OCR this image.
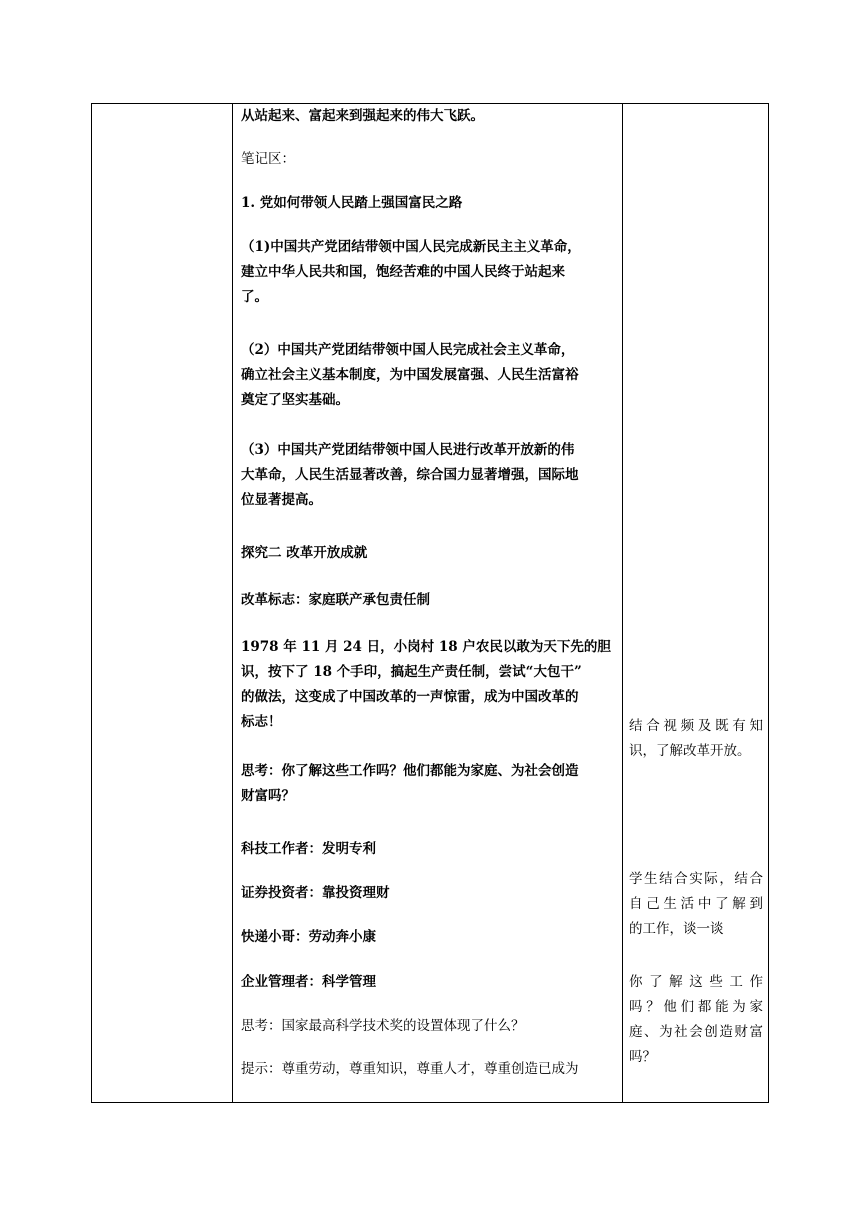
从站起来、富起来到强起来的伟大飞跃。

笔记区：

1. 党如何带领人民踏上强国富民之路

（1)中国共产党团结带领中国人民完成新民主主义革命，

建立中华人民共和国，饱经苦难的中国人民终于站起来

了。

（2）中国共产党团结带领中国人民完成社会主义革命，

确立社会主义基本制度，为中国发展富强、人民生活富裕

奠定了坚实基础。

（3）中国共产党团结带领中国人民进行改革开放新的伟

大革命，人民生活显著改善，综合国力显著增强，国际地

位显著提高。

探究二 改革开放成就

改革标志：家庭联产承包责任制

1978 年 11 月 24 日，小岗村 18 户农民以敢为天下先的胆

识，按下了 18 个手印，搞起生产责任制，尝试“大包干”

的做法，这变成了中国改革的一声惊雷，成为中国改革的

标志！

思考：你了解这些工作吗？他们都能为家庭、为社会创造

财富吗？

科技工作者：发明专利

证券投资者：靠投资理财

快递小哥：劳动奔小康

企业管理者：科学管理

思考：国家最高科学技术奖的设置体现了什么？

提示：尊重劳动，尊重知识，尊重人才，尊重创造已成为

结合视频及既有知
识，了解改革开放。
学生结合实际，结合
自己生活中了解到
的工作，谈一谈
你了解这些工作
吗？他们都能为家
庭、为社会创造财富
吗？
